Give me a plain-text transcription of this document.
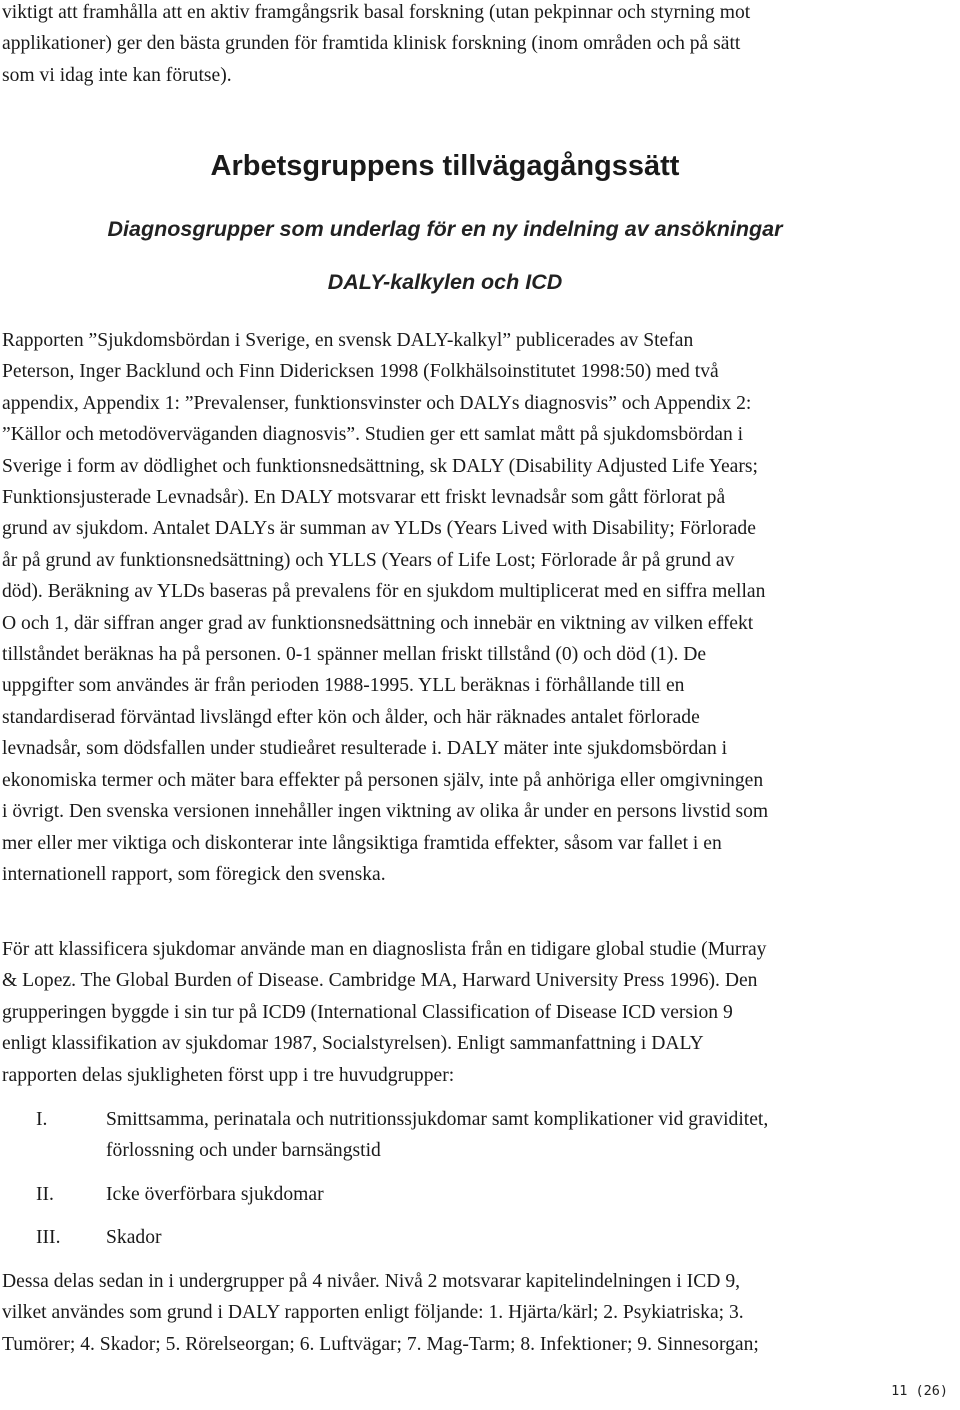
viktigt att framhålla att en aktiv framgångsrik basal forskning (utan pekpinnar och styrning mot
applikationer) ger den bästa grunden för framtida klinisk forskning (inom områden och på sätt
som vi idag inte kan förutse).
Arbetsgruppens tillvägagångssätt
Diagnosgrupper som underlag för en ny indelning av ansökningar
DALY-kalkylen och ICD
Rapporten ”Sjukdomsbördan i Sverige, en svensk DALY-kalkyl” publicerades av Stefan
Peterson, Inger Backlund och Finn Didericksen 1998 (Folkhälsoinstitutet 1998:50) med två
appendix, Appendix 1: ”Prevalenser, funktionsvinster och DALYs diagnosvis” och Appendix 2:
”Källor och metodöverväganden diagnosvis”. Studien ger ett samlat mått på sjukdomsbördan i
Sverige i form av dödlighet och funktionsnedsättning, sk DALY (Disability Adjusted Life Years;
Funktionsjusterade Levnadsår). En DALY motsvarar ett friskt levnadsår som gått förlorat på
grund av sjukdom. Antalet DALYs är summan av YLDs (Years Lived with Disability; Förlorade
år på grund av funktionsnedsättning) och YLLS (Years of Life Lost; Förlorade år på grund av
död). Beräkning av YLDs baseras på prevalens för en sjukdom multiplicerat med en siffra mellan
O och 1, där siffran anger grad av funktionsnedsättning och innebär en viktning av vilken effekt
tillståndet beräknas ha på personen. 0-1 spänner mellan friskt tillstånd (0) och död (1). De
uppgifter som användes är från perioden 1988-1995. YLL beräknas i förhållande till en
standardiserad förväntad livslängd efter kön och ålder, och här räknades antalet förlorade
levnadsår, som dödsfallen under studieåret resulterade i. DALY mäter inte sjukdomsbördan i
ekonomiska termer och mäter bara effekter på personen själv, inte på anhöriga eller omgivningen
i övrigt. Den svenska versionen innehåller ingen viktning av olika år under en persons livstid som
mer eller mer viktiga och diskonterar inte långsiktiga framtida effekter, såsom var fallet i en
internationell rapport, som föregick den svenska.
För att klassificera sjukdomar använde man en diagnoslista från en tidigare global studie (Murray
& Lopez. The Global Burden of Disease. Cambridge MA, Harward University Press 1996). Den
grupperingen byggde i sin tur på ICD9 (International Classification of Disease ICD version 9
enligt klassifikation av sjukdomar 1987, Socialstyrelsen). Enligt sammanfattning i DALY
rapporten delas sjukligheten först upp i tre huvudgrupper:
I.	Smittsamma, perinatala och nutritionssjukdomar samt komplikationer vid graviditet,
förlossning och under barnsängstid
II.	Icke överförbara sjukdomar
III. Skador
Dessa delas sedan in i undergrupper på 4 nivåer. Nivå 2 motsvarar kapitelindelningen i ICD 9,
vilket användes som grund i DALY rapporten enligt följande: 1. Hjärta/kärl; 2. Psykiatriska; 3.
Tumörer; 4. Skador; 5. Rörelseorgan; 6. Luftvägar; 7. Mag-Tarm; 8. Infektioner; 9. Sinnesorgan;
11 (26)
